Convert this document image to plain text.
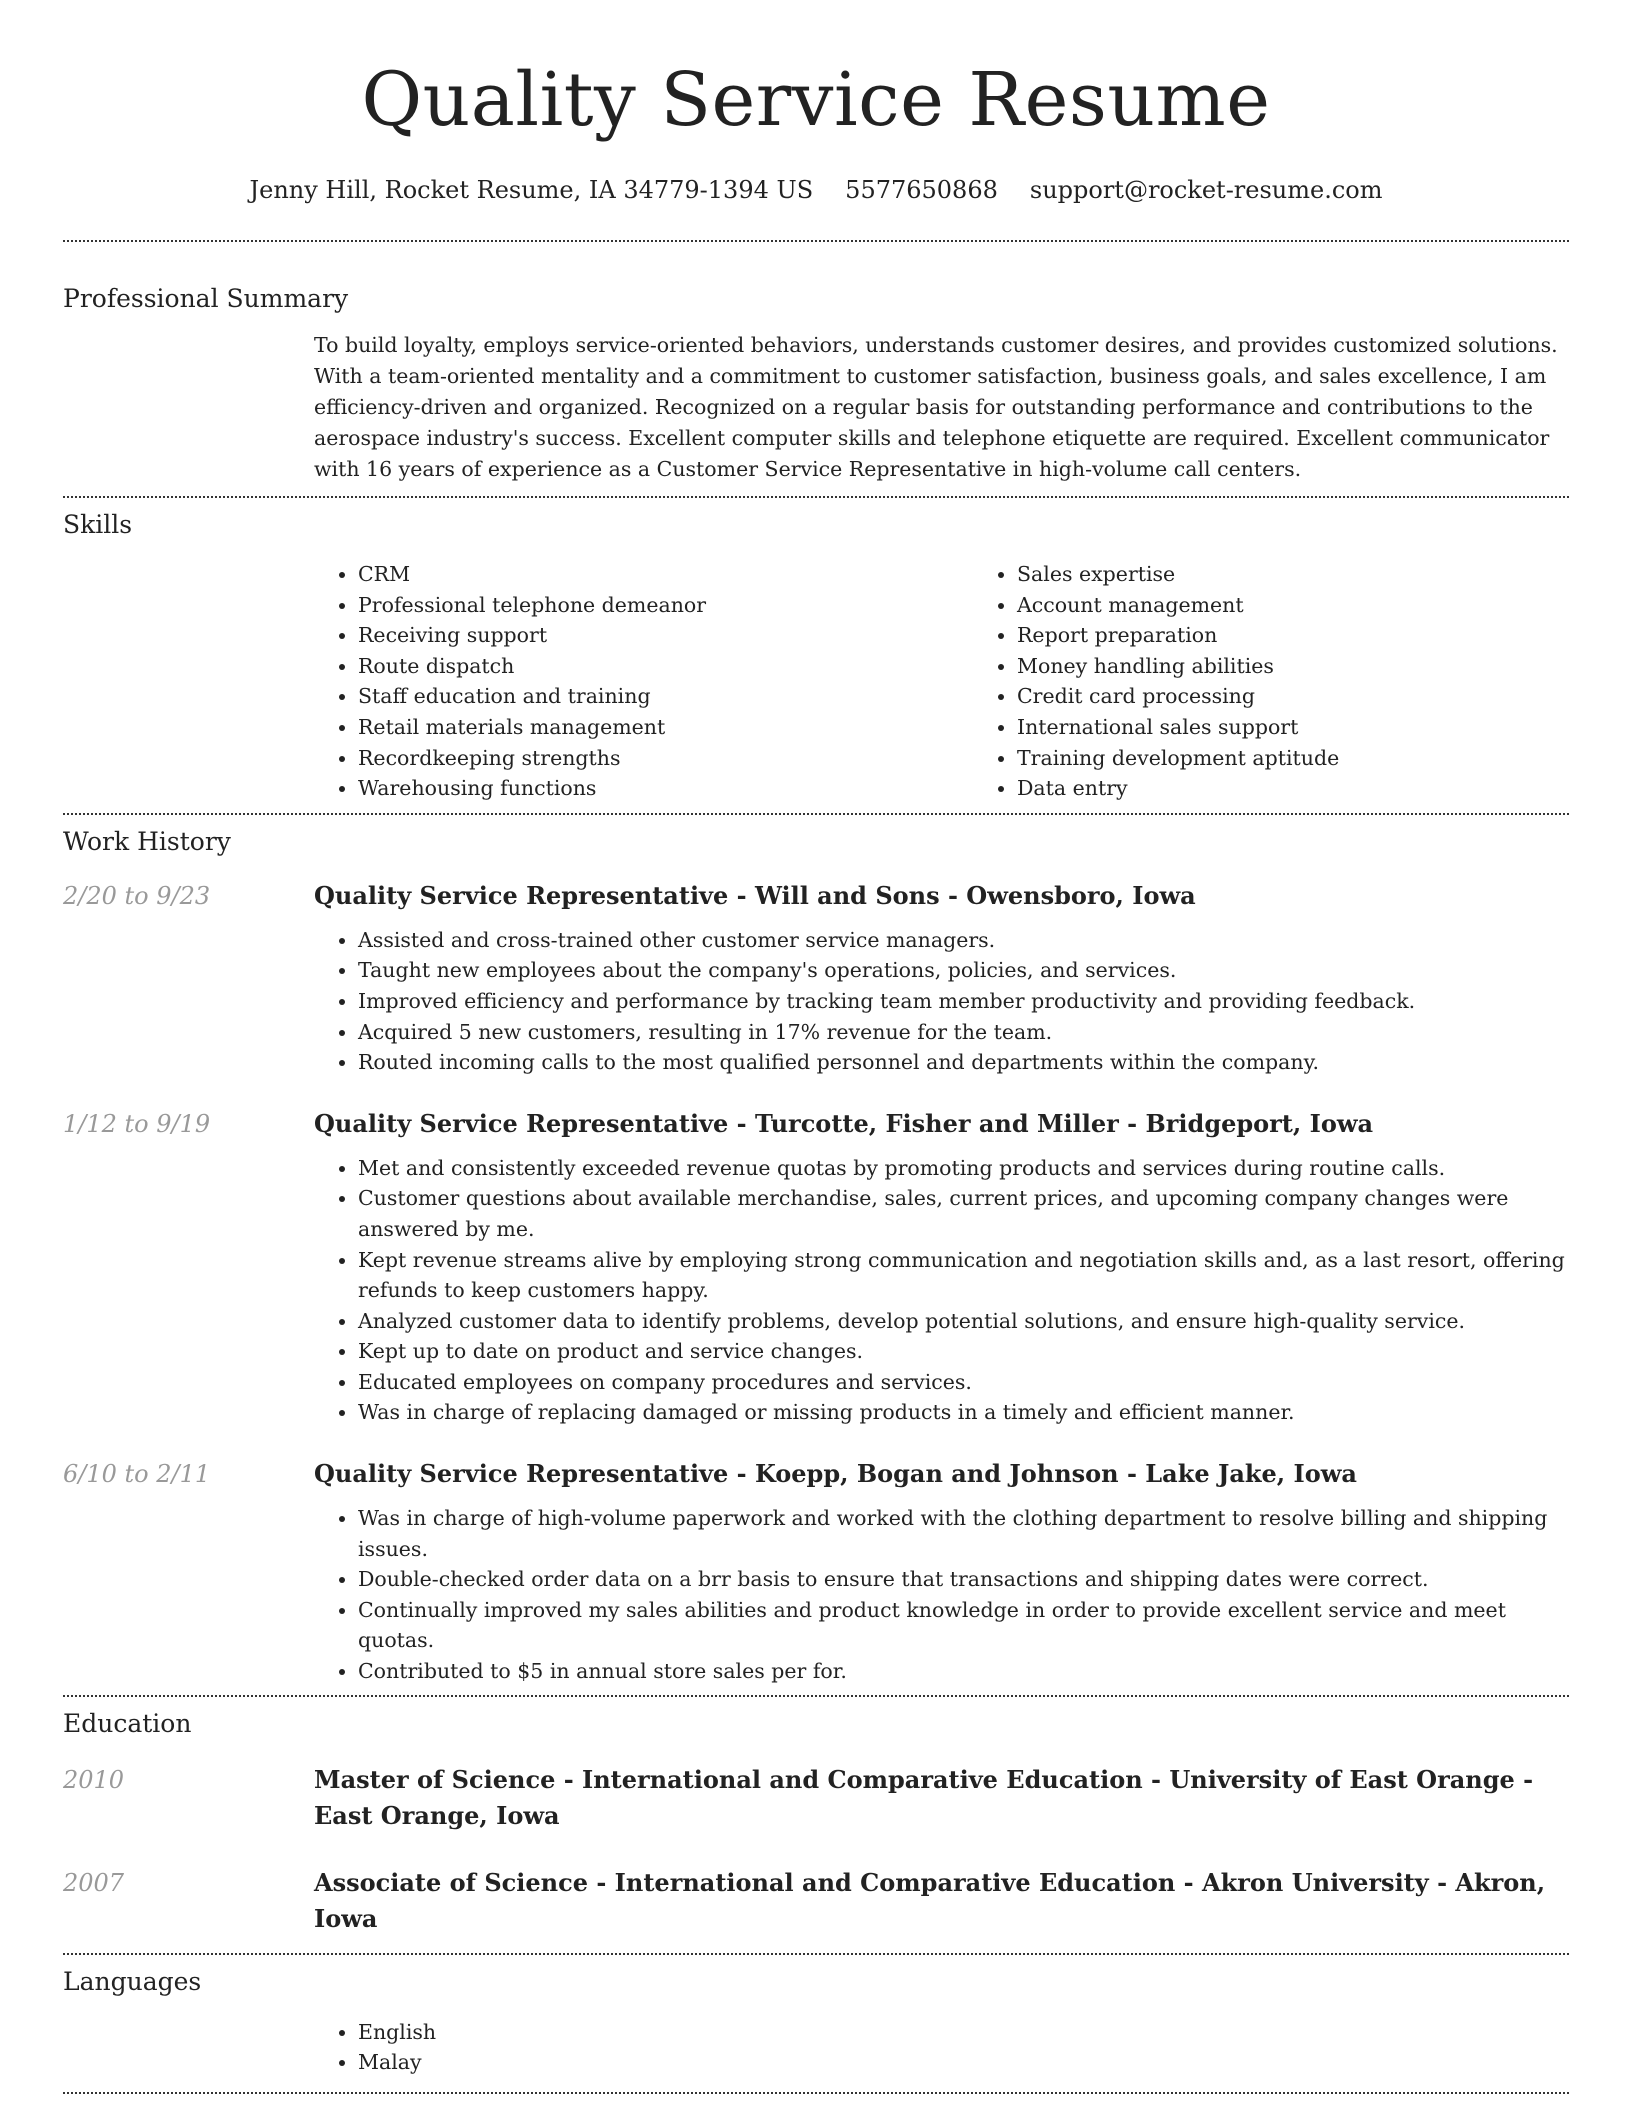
Quality Service Resume
Jenny Hill, Rocket Resume, IA 34779-1394 US 5577650868 support@rocket-resume.com
Professional Summary

To build loyalty, employs service-oriented behaviors, understands customer desires, and provides customized solutions. With a team-oriented mentality and a commitment to customer satisfaction, business goals, and sales excellence, I am efficiency-driven and organized. Recognized on a regular basis for outstanding performance and contributions to the aerospace industry's success. Excellent computer skills and telephone etiquette are required. Excellent communicator with 16 years of experience as a Customer Service Representative in high-volume call centers.

Skills
• CRM
• Professional telephone demeanor
• Receiving support
• Route dispatch
• Staff education and training
• Retail materials management
• Recordkeeping strengths
• Warehousing functions
• Sales expertise
• Account management
• Report preparation
• Money handling abilities
• Credit card processing
• International sales support
• Training development aptitude
• Data entry
Work History
2/20 to 9/23	Quality Service Representative - Will and Sons - Owensboro, Iowa
• Assisted and cross-trained other customer service managers.
• Taught new employees about the company's operations, policies, and services.
• Improved efficiency and performance by tracking team member productivity and providing feedback.
• Acquired 5 new customers, resulting in 17% revenue for the team.
• Routed incoming calls to the most qualified personnel and departments within the company.
1/12 to 9/19	Quality Service Representative - Turcotte, Fisher and Miller - Bridgeport, Iowa
• Met and consistently exceeded revenue quotas by promoting products and services during routine calls.
• Customer questions about available merchandise, sales, current prices, and upcoming company changes were answered by me.
• Kept revenue streams alive by employing strong communication and negotiation skills and, as a last resort, offering refunds to keep customers happy.
• Analyzed customer data to identify problems, develop potential solutions, and ensure high-quality service.
• Kept up to date on product and service changes.
• Educated employees on company procedures and services.
• Was in charge of replacing damaged or missing products in a timely and efficient manner.
6/10 to 2/11	Quality Service Representative - Koepp, Bogan and Johnson - Lake Jake, Iowa
• Was in charge of high-volume paperwork and worked with the clothing department to resolve billing and shipping issues.
• Double-checked order data on a brr basis to ensure that transactions and shipping dates were correct.
• Continually improved my sales abilities and product knowledge in order to provide excellent service and meet quotas.
• Contributed to $5 in annual store sales per for.
Education
2010	Master of Science - International and Comparative Education - University of East Orange - East Orange, Iowa
2007	Associate of Science - International and Comparative Education - Akron University - Akron, Iowa
Languages
• English
• Malay
